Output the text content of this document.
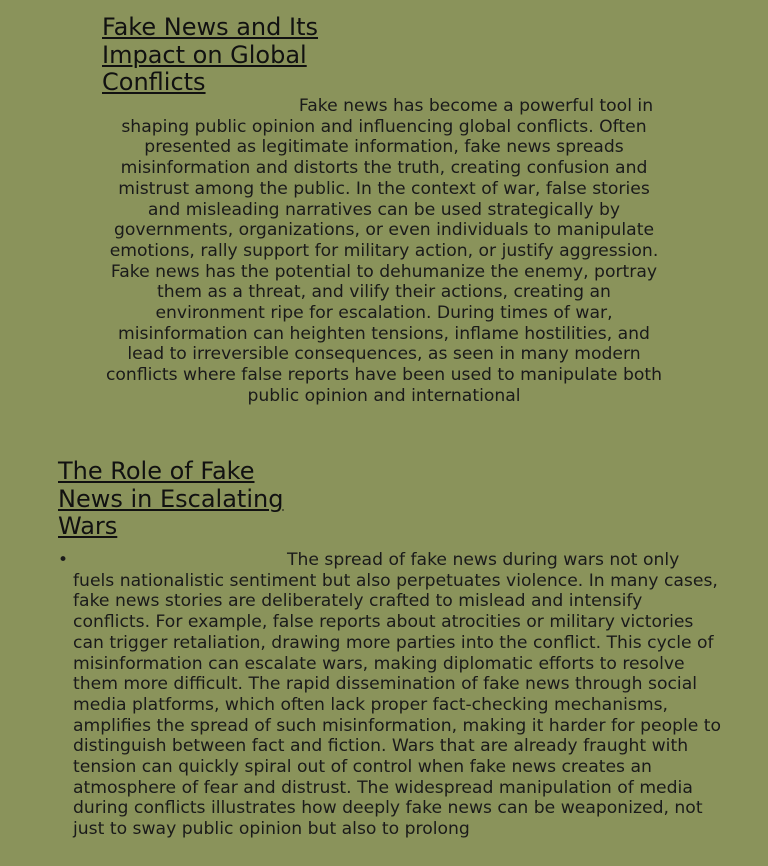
Fake News and Its Impact on Global Conflicts

Fake news has become a powerful tool in shaping public opinion and influencing global conflicts. Often presented as legitimate information, fake news spreads misinformation and distorts the truth, creating confusion and mistrust among the public. In the context of war, false stories and misleading narratives can be used strategically by governments, organizations, or even individuals to manipulate emotions, rally support for military action, or justify aggression. Fake news has the potential to dehumanize the enemy, portray them as a threat, and vilify their actions, creating an environment ripe for escalation. During times of war, misinformation can heighten tensions, inflame hostilities, and lead to irreversible consequences, as seen in many modern conflicts where false reports have been used to manipulate both public opinion and international

The Role of Fake News in Escalating Wars
•	The spread of fake news during wars not only fuels nationalistic sentiment but also perpetuates violence. In many cases, fake news stories are deliberately crafted to mislead and intensify conflicts. For example, false reports about atrocities or military victories can trigger retaliation, drawing more parties into the conflict. This cycle of misinformation can escalate wars, making diplomatic efforts to resolve them more difficult. The rapid dissemination of fake news through social media platforms, which often lack proper fact-checking mechanisms, amplifies the spread of such misinformation, making it harder for people to distinguish between fact and fiction. Wars that are already fraught with tension can quickly spiral out of control when fake news creates an atmosphere of fear and distrust. The widespread manipulation of media during conflicts illustrates how deeply fake news can be weaponized, not just to sway public opinion but also to prolong
